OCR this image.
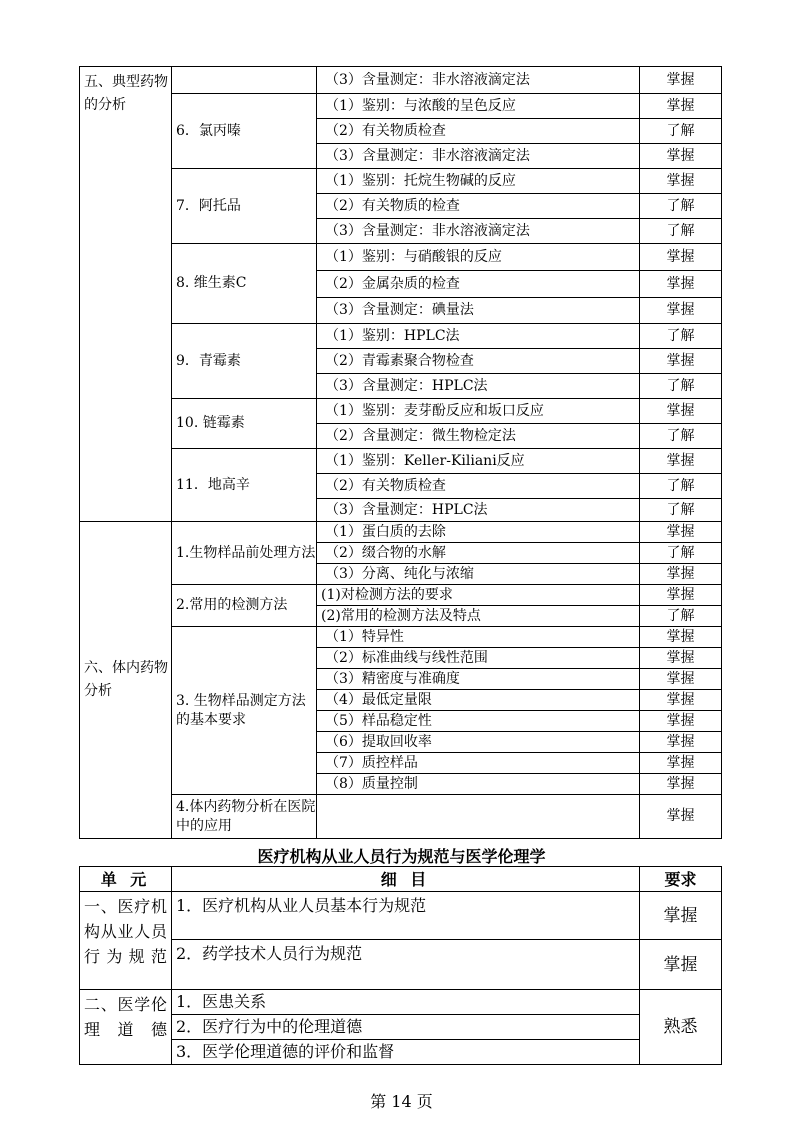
五、典型药物的分析		（3）含量测定：非水溶液滴定法	掌握
	6．氯丙嗪	（1）鉴别：与浓酸的呈色反应	掌握
		（2）有关物质检查	了解
		（3）含量测定：非水溶液滴定法	掌握
	7．阿托品	（1）鉴别：托烷生物碱的反应	掌握
		（2）有关物质的检查	了解
		（3）含量测定：非水溶液滴定法	了解
	8. 维生素C	（1）鉴别：与硝酸银的反应	掌握
		（2）金属杂质的检查	掌握
		（3）含量测定：碘量法	掌握
	9．青霉素	（1）鉴别：HPLC法	了解
		（2）青霉素聚合物检查	掌握
		（3）含量测定：HPLC法	了解
	10. 链霉素	（1）鉴别：麦芽酚反应和坂口反应	掌握
		（2）含量测定：微生物检定法	了解
	11．地高辛	（1）鉴别：Keller-Kiliani反应	掌握
		（2）有关物质检查	了解
		（3）含量测定：HPLC法	了解
六、体内药物分析	1.生物样品前处理方法	（1）蛋白质的去除	掌握
		（2）缀合物的水解	了解
		（3）分离、纯化与浓缩	掌握
	2.常用的检测方法	(1)对检测方法的要求	掌握
		(2)常用的检测方法及特点	了解
	3. 生物样品测定方法的基本要求	（1）特异性	掌握
		（2）标准曲线与线性范围	掌握
		（3）精密度与准确度	掌握
		（4）最低定量限	掌握
		（5）样品稳定性	掌握
		（6）提取回收率	掌握
		（7）质控样品	掌握
		（8）质量控制	掌握
	4.体内药物分析在医院中的应用		掌握
医疗机构从业人员行为规范与医学伦理学
单 元	细 目	要求
一、医疗机构从业人员行为规范	1．医疗机构从业人员基本行为规范	掌握
	2．药学技术人员行为规范	掌握
二、医学伦理道德	1．医患关系	熟悉
	2．医疗行为中的伦理道德	
	3．医学伦理道德的评价和监督	
第 14 页
